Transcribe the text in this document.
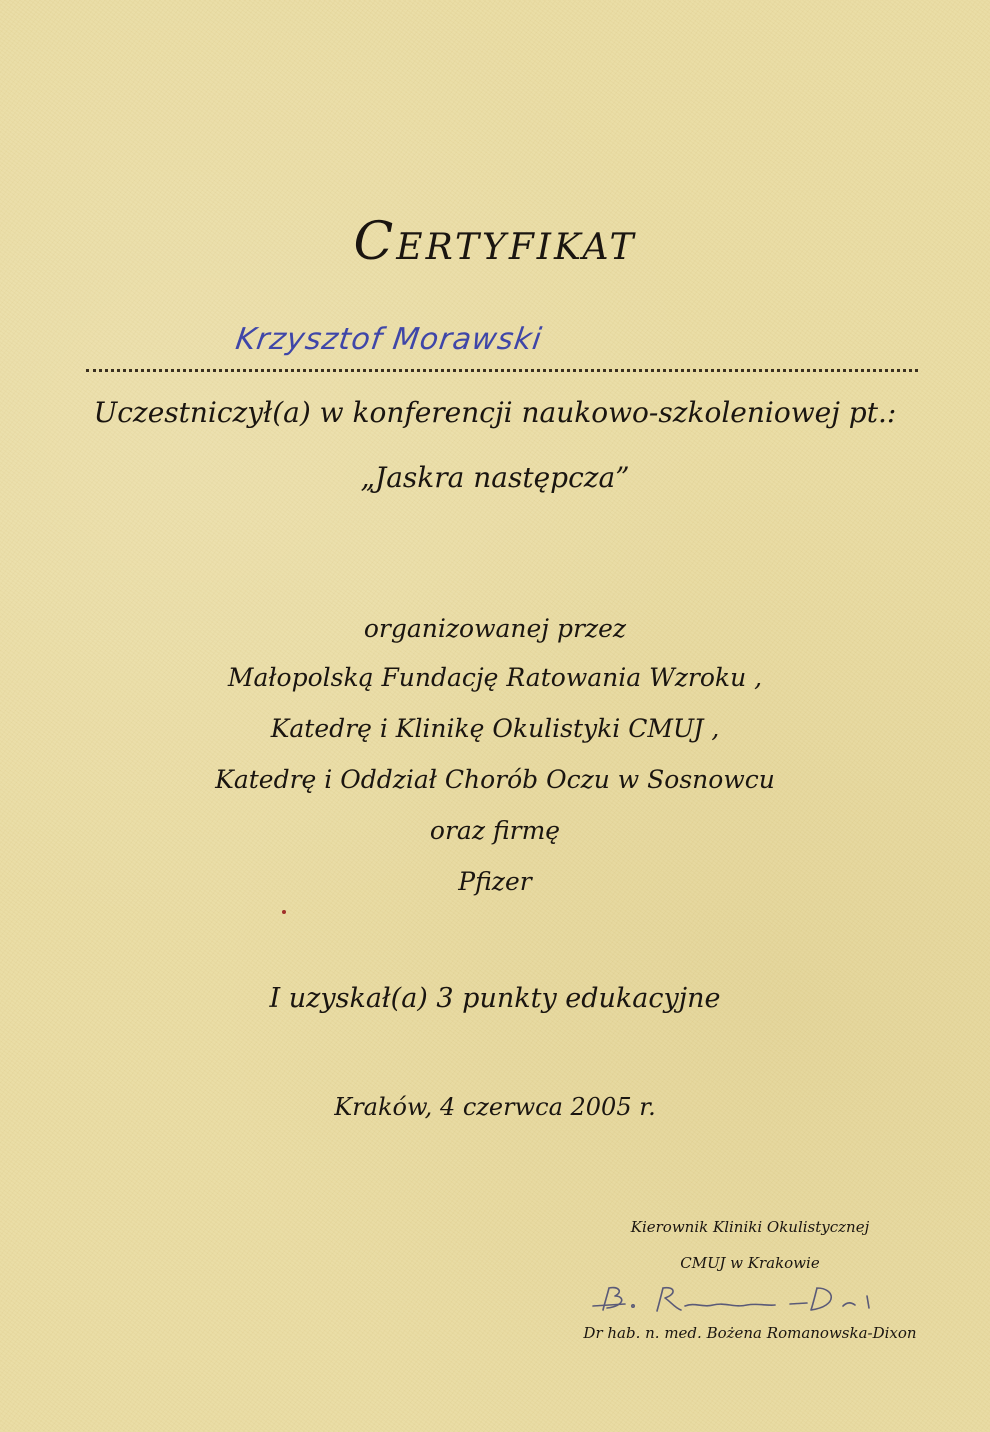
Certyfikat
Krzysztof Morawski
Uczestniczył(a) w konferencji naukowo-szkoleniowej pt.:
„Jaskra następcza”
organizowanej przez
Małopolską Fundację Ratowania Wzroku ,
Katedrę i Klinikę Okulistyki CMUJ ,
Katedrę i Oddział Chorób Oczu w Sosnowcu
oraz firmę
Pfizer
I uzyskał(a) 3 punkty edukacyjne
Kraków, 4 czerwca 2005 r.
Kierownik Kliniki Okulistycznej
CMUJ w Krakowie
Dr hab. n. med. Bożena Romanowska-Dixon
